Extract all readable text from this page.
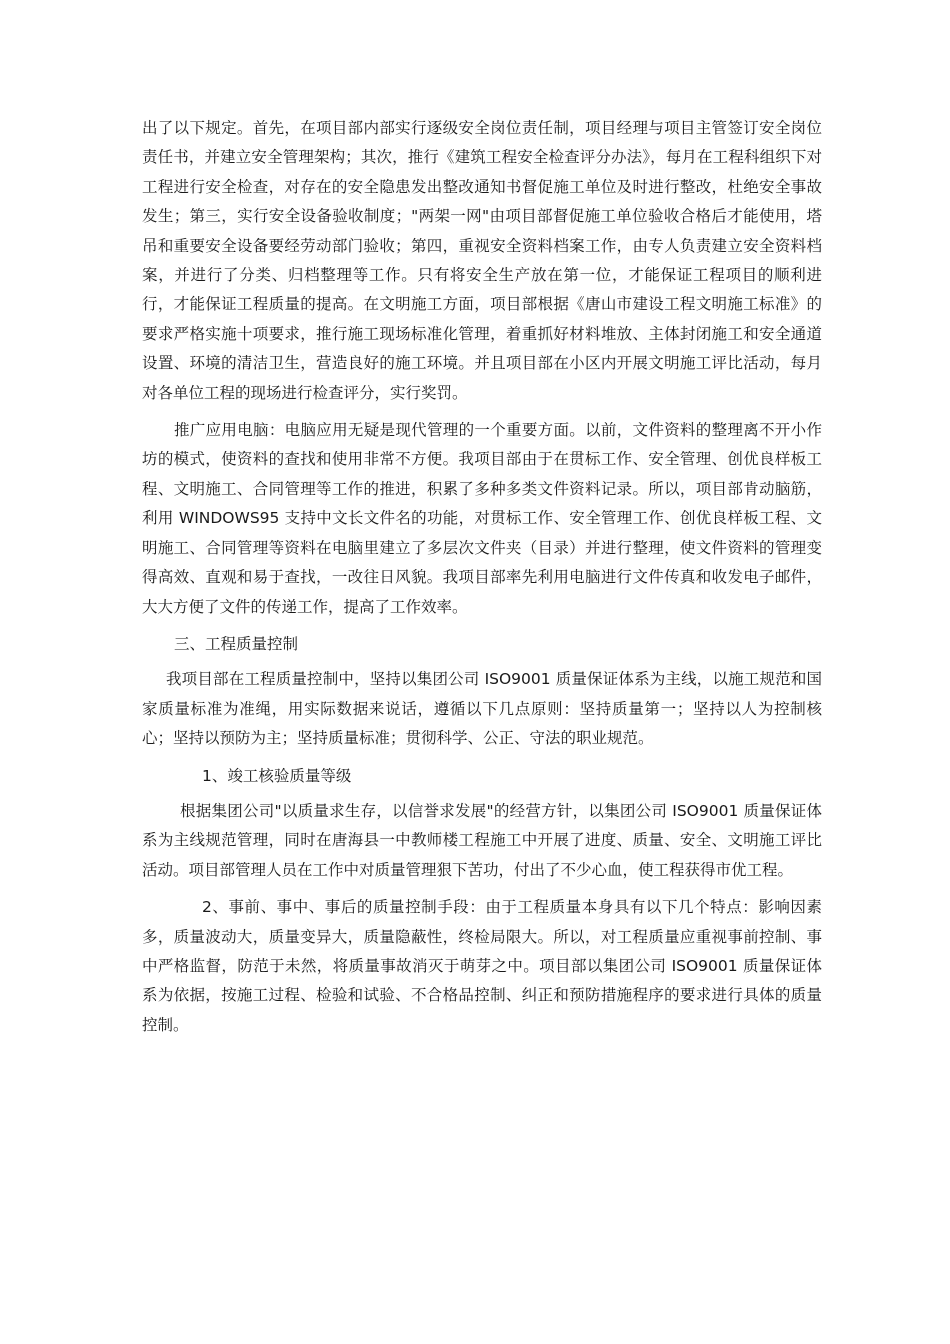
出了以下规定。首先，在项目部内部实行逐级安全岗位责任制，项目经理与项目主管签订安全岗位责任书，并建立安全管理架构；其次，推行《建筑工程安全检查评分办法》，每月在工程科组织下对工程进行安全检查，对存在的安全隐患发出整改通知书督促施工单位及时进行整改，杜绝安全事故发生；第三，实行安全设备验收制度；"两架一网"由项目部督促施工单位验收合格后才能使用，塔吊和重要安全设备要经劳动部门验收；第四，重视安全资料档案工作，由专人负责建立安全资料档案，并进行了分类、归档整理等工作。只有将安全生产放在第一位，才能保证工程项目的顺利进行，才能保证工程质量的提高。在文明施工方面，项目部根据《唐山市建设工程文明施工标准》的要求严格实施十项要求，推行施工现场标准化管理，着重抓好材料堆放、主体封闭施工和安全通道设置、环境的清洁卫生，营造良好的施工环境。并且项目部在小区内开展文明施工评比活动，每月对各单位工程的现场进行检查评分，实行奖罚。

推广应用电脑：电脑应用无疑是现代管理的一个重要方面。以前，文件资料的整理离不开小作坊的模式，使资料的查找和使用非常不方便。我项目部由于在贯标工作、安全管理、创优良样板工程、文明施工、合同管理等工作的推进，积累了多种多类文件资料记录。所以，项目部肯动脑筋，利用 WINDOWS95 支持中文长文件名的功能，对贯标工作、安全管理工作、创优良样板工程、文明施工、合同管理等资料在电脑里建立了多层次文件夹（目录）并进行整理，使文件资料的管理变得高效、直观和易于查找，一改往日风貌。我项目部率先利用电脑进行文件传真和收发电子邮件，大大方便了文件的传递工作，提高了工作效率。

三、工程质量控制

我项目部在工程质量控制中，坚持以集团公司 ISO9001 质量保证体系为主线，以施工规范和国家质量标准为准绳，用实际数据来说话，遵循以下几点原则：坚持质量第一；坚持以人为控制核心；坚持以预防为主；坚持质量标准；贯彻科学、公正、守法的职业规范。

1、竣工核验质量等级

根据集团公司"以质量求生存，以信誉求发展"的经营方针，以集团公司 ISO9001 质量保证体系为主线规范管理，同时在唐海县一中教师楼工程施工中开展了进度、质量、安全、文明施工评比活动。项目部管理人员在工作中对质量管理狠下苦功，付出了不少心血，使工程获得市优工程。

2、事前、事中、事后的质量控制手段：由于工程质量本身具有以下几个特点：影响因素多，质量波动大，质量变异大，质量隐蔽性，终检局限大。所以，对工程质量应重视事前控制、事中严格监督，防范于未然，将质量事故消灭于萌芽之中。项目部以集团公司 ISO9001 质量保证体系为依据，按施工过程、检验和试验、不合格品控制、纠正和预防措施程序的要求进行具体的质量控制。
